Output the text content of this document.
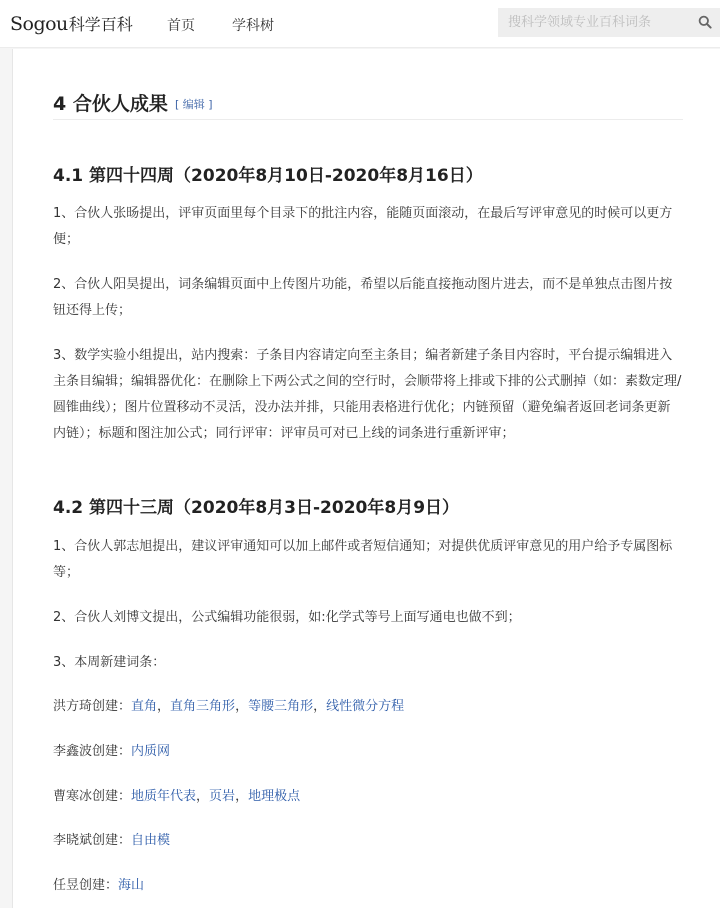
Sogou科学百科 首页	学科树
搜科学领域专业百科词条
4 合伙人成果 [ 编辑 ]
4.1 第四十四周（2020年8月10日-2020年8月16日）
1、合伙人张旸提出，评审页面里每个目录下的批注内容，能随页面滚动，在最后写评审意见的时候可以更方便；
2、合伙人阳昊提出，词条编辑页面中上传图片功能，希望以后能直接拖动图片进去，而不是单独点击图片按钮还得上传；
3、数学实验小组提出，站内搜索：子条目内容请定向至主条目；编者新建子条目内容时，平台提示编辑进入主条目编辑；编辑器优化：在删除上下两公式之间的空行时，会顺带将上排或下排的公式删掉（如：素数定理/圆锥曲线）；图片位置移动不灵活，没办法并排，只能用表格进行优化；内链预留（避免编者返回老词条更新内链）；标题和图注加公式；同行评审：评审员可对已上线的词条进行重新评审；
4.2 第四十三周（2020年8月3日-2020年8月9日）
1、合伙人郭志旭提出，建议评审通知可以加上邮件或者短信通知；对提供优质评审意见的用户给予专属图标等；
2、合伙人刘博文提出，公式编辑功能很弱，如:化学式等号上面写通电也做不到；
3、本周新建词条：
洪方琦创建：直角，直角三角形，等腰三角形，线性微分方程
李鑫波创建：内质网
曹寒冰创建：地质年代表，页岩，地理极点
李晓斌创建：自由模
任昱创建：海山
